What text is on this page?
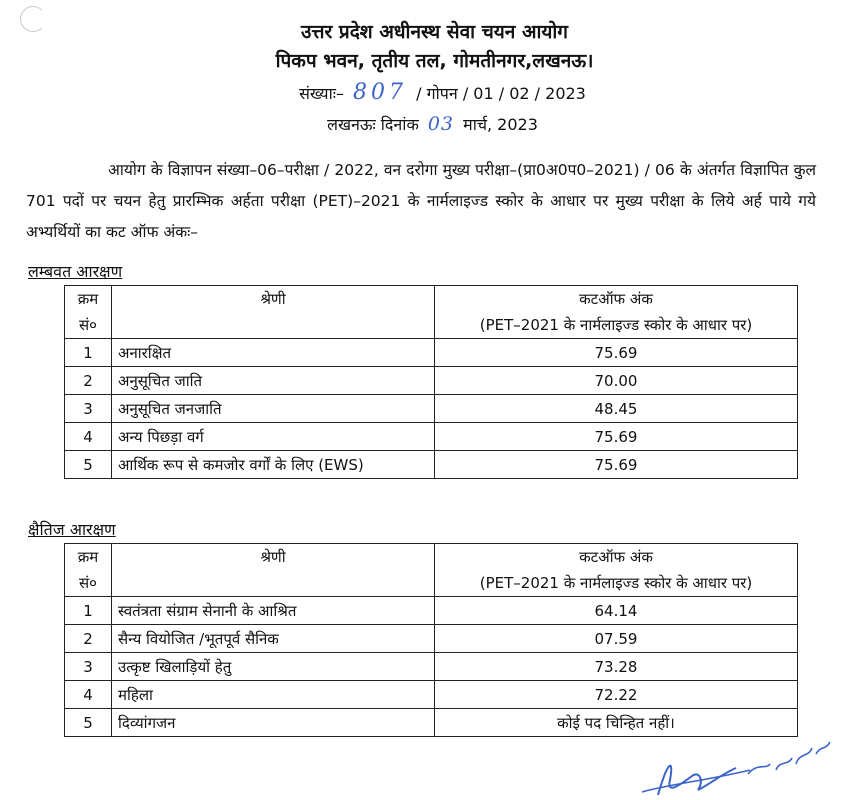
उत्तर प्रदेश अधीनस्थ सेवा चयन आयोग
पिकप भवन, तृतीय तल, गोमतीनगर,लखनऊ।
संख्याः– 807 / गोपन / 01 / 02 / 2023
लखनऊः दिनांक 03 मार्च, 2023
आयोग के विज्ञापन संख्या–06–परीक्षा / 2022, वन दरोगा मुख्य परीक्षा–(प्रा0अ0प0–2021) / 06 के अंतर्गत विज्ञापित कुल 701 पदों पर चयन हेतु प्रारम्भिक अर्हता परीक्षा (PET)–2021 के नार्मलाइज्ड स्कोर के आधार पर मुख्य परीक्षा के लिये अर्ह पाये गये अभ्यर्थियों का कट ऑफ अंकः–
लम्बवत आरक्षण
क्रम सं०	श्रेणी	कटऑफ अंक
(PET–2021 के नार्मलाइज्ड स्कोर के आधार पर)

1	अनारक्षित	75.69
2	अनुसूचित जाति	70.00
3	अनुसूचित जनजाति	48.45
4	अन्य पिछड़ा वर्ग	75.69
5	आर्थिक रूप से कमजोर वर्गों के लिए (EWS)	75.69
क्षैतिज आरक्षण
क्रम सं०	श्रेणी	कटऑफ अंक
(PET–2021 के नार्मलाइज्ड स्कोर के आधार पर)

1	स्वतंत्रता संग्राम सेनानी के आश्रित	64.14
2	सैन्य वियोजित /भूतपूर्व सैनिक	07.59
3	उत्कृष्ट खिलाड़ियों हेतु	73.28
4	महिला	72.22
5	दिव्यांगजन	कोई पद चिन्हित नहीं।
